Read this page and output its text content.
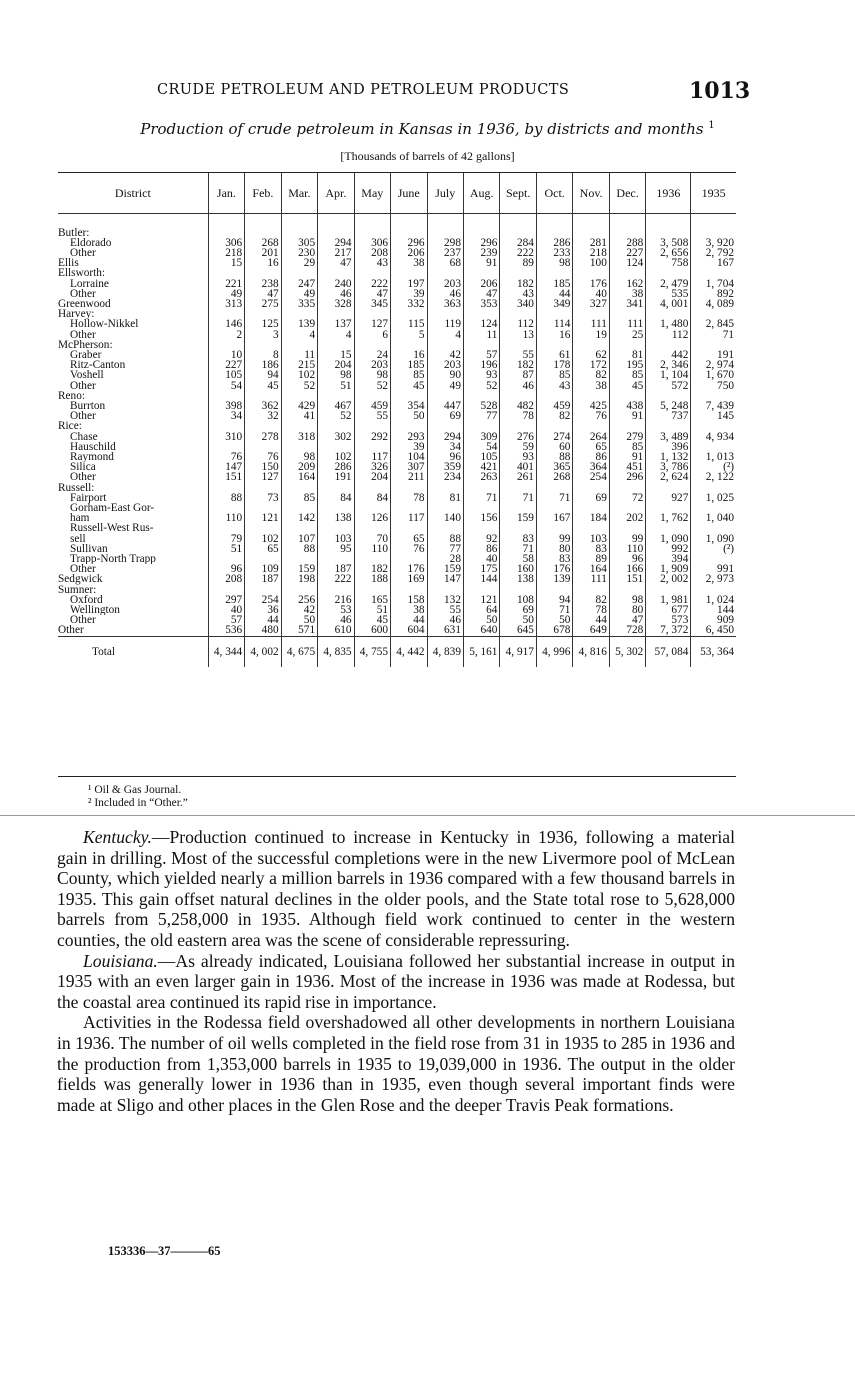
CRUDE PETROLEUM AND PETROLEUM PRODUCTS	1013
Production of crude petroleum in Kansas in 1936, by districts and months $^1$
[Thousands of barrels of 42 gallons]
District	Jan.	Feb.	Mar.	Apr.	May	June	July	Aug.	Sept.	Oct.	Nov.	Dec.	1936	1935

Butler:														
Eldorado	306	268	305	294	306	296	298	296	284	286	281	288	3, 508	3, 920
Other	218	201	230	217	208	206	237	239	222	233	218	227	2, 656	2, 792
Ellis	15	16	29	47	43	38	68	91	89	98	100	124	758	167
Ellsworth:														
Lorraine	221	238	247	240	222	197	203	206	182	185	176	162	2, 479	1, 704
Other	49	47	49	46	47	39	46	47	43	44	40	38	535	892
Greenwood	313	275	335	328	345	332	363	353	340	349	327	341	4, 001	4, 089
Harvey:														
Hollow-Nikkel	146	125	139	137	127	115	119	124	112	114	111	111	1, 480	2, 845
Other	2	3	4	4	6	5	4	11	13	16	19	25	112	71
McPherson:														
Graber	10	8	11	15	24	16	42	57	55	61	62	81	442	191
Ritz-Canton	227	186	215	204	203	185	203	196	182	178	172	195	2, 346	2, 974
Voshell	105	94	102	98	98	85	90	93	87	85	82	85	1, 104	1, 670
Other	54	45	52	51	52	45	49	52	46	43	38	45	572	750
Reno:														
Burrton	398	362	429	467	459	354	447	528	482	459	425	438	5, 248	7, 439
Other	34	32	41	52	55	50	69	77	78	82	76	91	737	145
Rice:														
Chase	310	278	318	302	292	293	294	309	276	274	264	279	3, 489	4, 934
Hauschild						39	34	54	59	60	65	85	396	
Raymond	76	76	98	102	117	104	96	105	93	88	86	91	1, 132	1, 013
Silica	147	150	209	286	326	307	359	421	401	365	364	451	3, 786	(²)
Other	151	127	164	191	204	211	234	263	261	268	254	296	2, 624	2, 122
Russell:														
Fairport	88	73	85	84	84	78	81	71	71	71	69	72	927	1, 025
Gorham-East Gor-														
ham	110	121	142	138	126	117	140	156	159	167	184	202	1, 762	1, 040
Russell-West Rus-														
sell	79	102	107	103	70	65	88	92	83	99	103	99	1, 090	1, 090
Sullivan	51	65	88	95	110	76	77	86	71	80	83	110	992	(²)
Trapp-North Trapp							28	40	58	83	89	96	394	
Other	96	109	159	187	182	176	159	175	160	176	164	166	1, 909	991
Sedgwick	208	187	198	222	188	169	147	144	138	139	111	151	2, 002	2, 973
Sumner:														
Oxford	297	254	256	216	165	158	132	121	108	94	82	98	1, 981	1, 024
Wellington	40	36	42	53	51	38	55	64	69	71	78	80	677	144
Other	57	44	50	46	45	44	46	50	50	50	44	47	573	909
Other	536	480	571	610	600	604	631	640	645	678	649	728	7, 372	6, 450
Total	4, 344	4, 002	4, 675	4, 835	4, 755	4, 442	4, 839	5, 161	4, 917	4, 996	4, 816	5, 302	57, 084	53, 364
¹ Oil & Gas Journal.
² Included in “Other.”

Kentucky.—Production continued to increase in Kentucky in 1936, following a material gain in drilling. Most of the successful completions were in the new Livermore pool of McLean County, which yielded nearly a million barrels in 1936 compared with a few thousand barrels in 1935. This gain offset natural declines in the older pools, and the State total rose to 5,628,000 barrels from 5,258,000 in 1935. Although field work continued to center in the western counties, the old eastern area was the scene of considerable repressuring.

Louisiana.—As already indicated, Louisiana followed her substantial increase in output in 1935 with an even larger gain in 1936. Most of the increase in 1936 was made at Rodessa, but the coastal area continued its rapid rise in importance.

Activities in the Rodessa field overshadowed all other developments in northern Louisiana in 1936. The number of oil wells completed in the field rose from 31 in 1935 to 285 in 1936 and the production from 1,353,000 barrels in 1935 to 19,039,000 in 1936. The output in the older fields was generally lower in 1936 than in 1935, even though several important finds were made at Sligo and other places in the Glen Rose and the deeper Travis Peak formations.

153336—37———65
